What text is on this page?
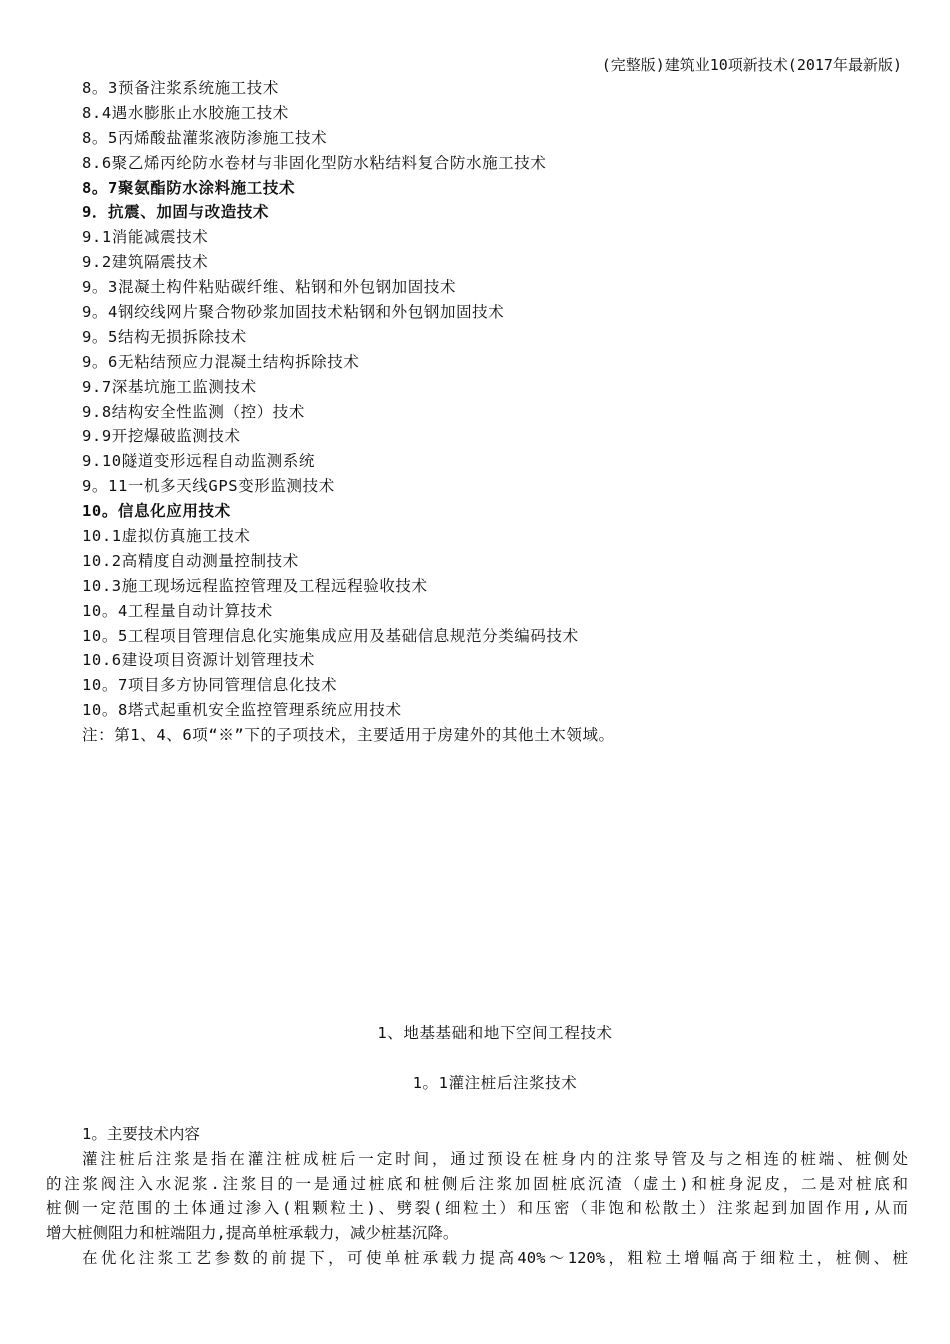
(完整版)建筑业10项新技术(2017年最新版)
8。3预备注浆系统施工技术
8.4遇水膨胀止水胶施工技术
8。5丙烯酸盐灌浆液防渗施工技术
8.6聚乙烯丙纶防水卷材与非固化型防水粘结料复合防水施工技术
8。7聚氨酯防水涂料施工技术
9．抗震、加固与改造技术
9.1消能减震技术
9.2建筑隔震技术
9。3混凝土构件粘贴碳纤维、粘钢和外包钢加固技术
9。4钢绞线网片聚合物砂浆加固技术粘钢和外包钢加固技术
9。5结构无损拆除技术
9。6无粘结预应力混凝土结构拆除技术
9.7深基坑施工监测技术
9.8结构安全性监测（控）技术
9.9开挖爆破监测技术
9.10隧道变形远程自动监测系统
9。11一机多天线GPS变形监测技术
10。信息化应用技术
10.1虚拟仿真施工技术
10.2高精度自动测量控制技术
10.3施工现场远程监控管理及工程远程验收技术
10。4工程量自动计算技术
10。5工程项目管理信息化实施集成应用及基础信息规范分类编码技术
10.6建设项目资源计划管理技术
10。7项目多方协同管理信息化技术
10。8塔式起重机安全监控管理系统应用技术
注：第1、4、6项“※”下的子项技术，主要适用于房建外的其他土木领域。
1、地基基础和地下空间工程技术
1。1灌注桩后注浆技术
1。主要技术内容
灌注桩后注浆是指在灌注桩成桩后一定时间，通过预设在桩身内的注浆导管及与之相连的桩端、桩侧处
的注浆阀注入水泥浆.注浆目的一是通过桩底和桩侧后注浆加固桩底沉渣（虚土)和桩身泥皮，二是对桩底和
桩侧一定范围的土体通过渗入(粗颗粒土)、劈裂(细粒土）和压密（非饱和松散土）注浆起到加固作用,从而
增大桩侧阻力和桩端阻力,提高单桩承载力，减少桩基沉降。
在优化注浆工艺参数的前提下，可使单桩承载力提高40%～120%，粗粒土增幅高于细粒土，桩侧、桩
